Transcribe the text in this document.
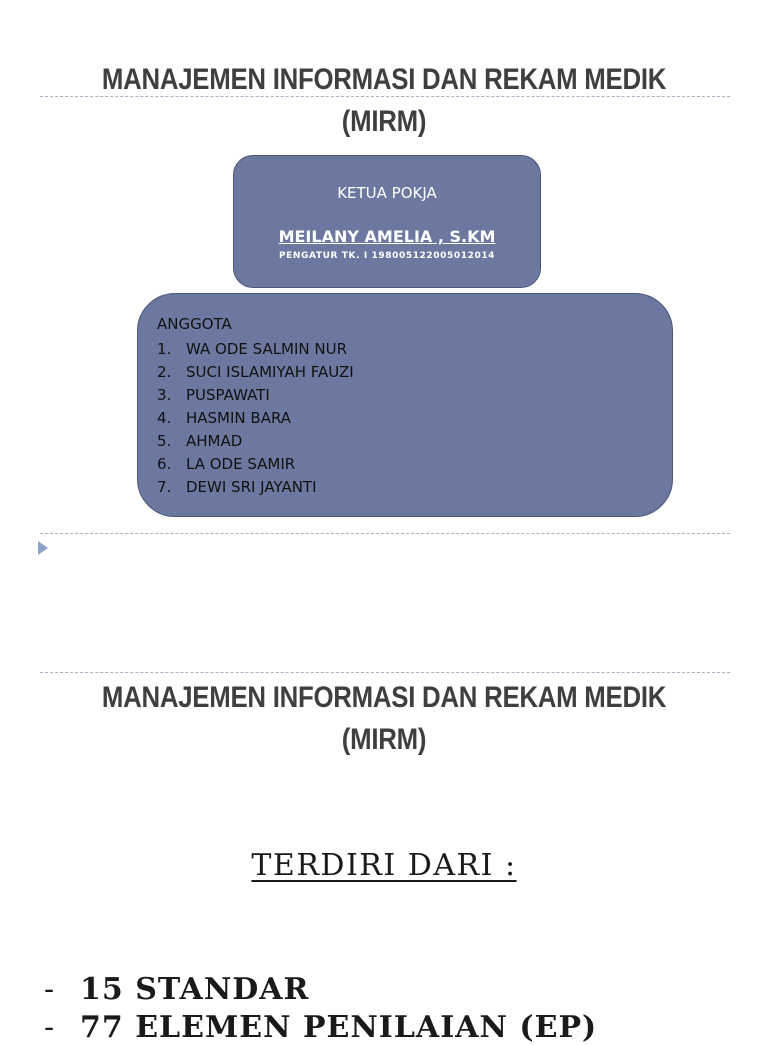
MANAJEMEN INFORMASI DAN REKAM MEDIK
(MIRM)
KETUA POKJA
MEILANY AMELIA , S.KM
PENGATUR TK. I 198005122005012014
ANGGOTA
1. WA ODE SALMIN NUR
2. SUCI ISLAMIYAH FAUZI
3. PUSPAWATI
4. HASMIN BARA
5. AHMAD
6. LA ODE SAMIR
7. DEWI SRI JAYANTI
MANAJEMEN INFORMASI DAN REKAM MEDIK
(MIRM)
TERDIRI DARI :
- 15 STANDAR
- 77 ELEMEN PENILAIAN (EP)
